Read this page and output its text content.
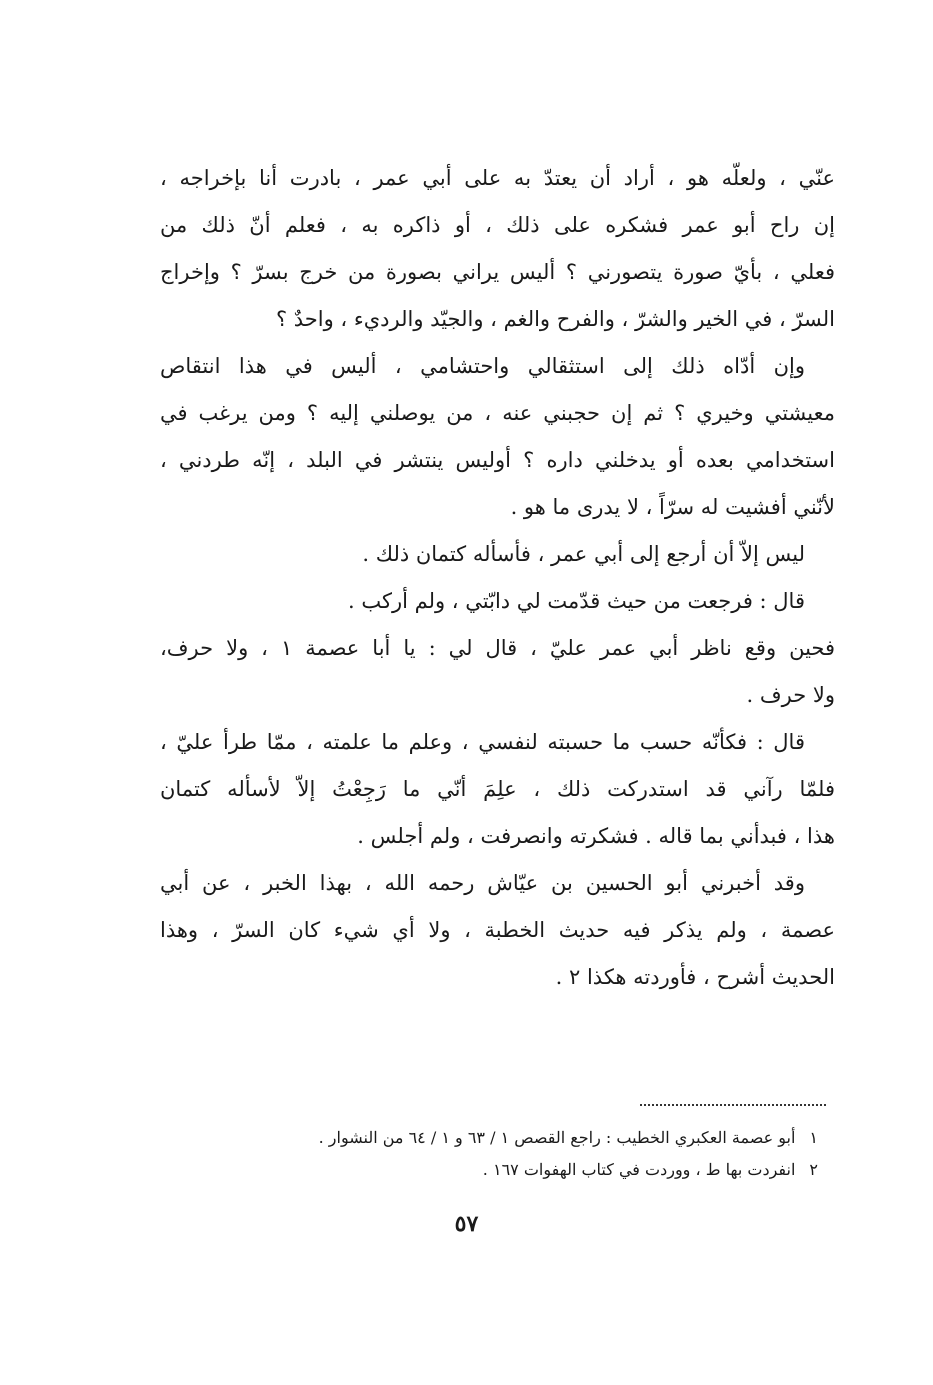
عنّي ، ولعلّه هو ، أراد أن يعتدّ به على أبي عمر ، بادرت أنا بإخراجه ،
إن راح أبو عمر فشكره على ذلك ، أو ذاكره به ، فعلم أنّ ذلك من
فعلي ، بأيّ صورة يتصورني ؟ أليس يراني بصورة من خرج بسرّ ؟ وإخراج
السرّ ، في الخير والشرّ ، والفرح والغم ، والجيّد والرديء ، واحدٌ ؟
وإن أدّاه ذلك إلى استثقالي واحتشامي ، أليس في هذا انتقاص
معيشتي وخيري ؟ ثم إن حجبني عنه ، من يوصلني إليه ؟ ومن يرغب في
استخدامي بعده أو يدخلني داره ؟ أوليس ينتشر في البلد ، إنّه طردني ،
لأنّني أفشيت له سرّاً ، لا يدرى ما هو .
ليس إلاّ أن أرجع إلى أبي عمر ، فأسأله كتمان ذلك .
قال : فرجعت من حيث قدّمت لي دابّتي ، ولم أركب .
فحين وقع ناظر أبي عمر عليّ ، قال لي : يا أبا عصمة ١ ، ولا حرف،
ولا حرف .
قال : فكأنّه حسب ما حسبته لنفسي ، وعلم ما علمته ، ممّا طرأ عليّ ،
فلمّا رآني قد استدركت ذلك ، علِمَ أنّي ما رَجِعْتُ إلاّ لأسأله كتمان
هذا ، فبدأني بما قاله . فشكرته وانصرفت ، ولم أجلس .
وقد أخبرني أبو الحسين بن عيّاش رحمه الله ، بهذا الخبر ، عن أبي
عصمة ، ولم يذكر فيه حديث الخطبة ، ولا أي شيء كان السرّ ، وهذا
الحديث أشرح ، فأوردته هكذا ٢ .
١أبو عصمة العكبري الخطيب : راجع القصص ١ / ٦٣ و ١ / ٦٤ من النشوار .
٢انفردت بها ط ، ووردت في كتاب الهفوات ١٦٧ .
٥٧
